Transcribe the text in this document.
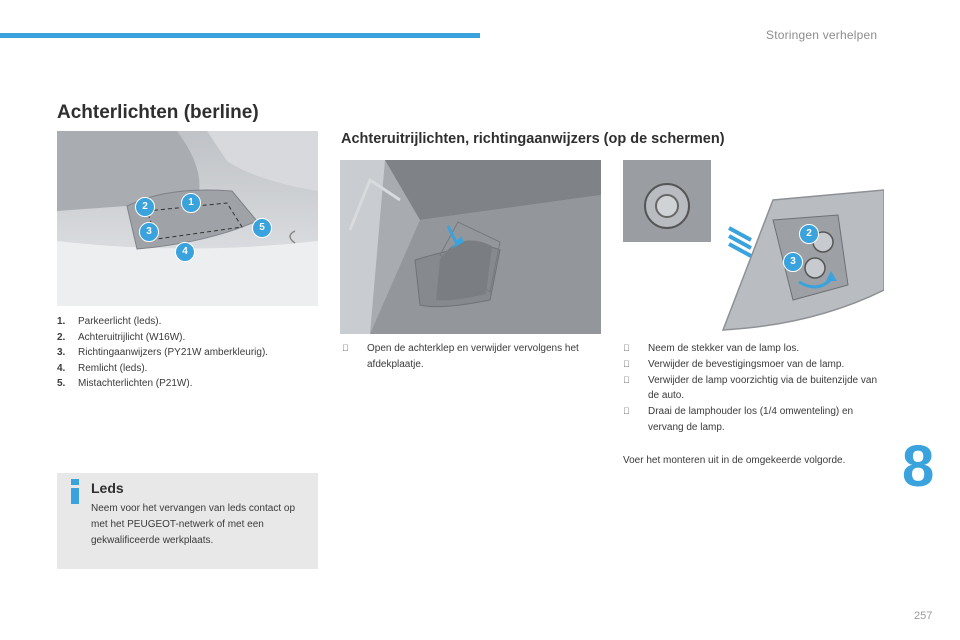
Storingen verhelpen
Achterlichten (berline)
Achteruitrijlichten, richtingaanwijzers (op de schermen)
1
2
3
4
5
2
3
1. Parkeerlicht (leds).
2. Achteruitrijlicht (W16W).
3. Richtingaanwijzers (PY21W amberkleurig).
4. Remlicht (leds).
5. Mistachterlichten (P21W).
Open de achterklep en verwijder vervolgens het afdekplaatje.
Neem de stekker van de lamp los.
Verwijder de bevestigingsmoer van de lamp.
Verwijder de lamp voorzichtig via de buitenzijde van de auto.
Draai de lamphouder los (1/4 omwenteling) en vervang de lamp.

Voer het monteren uit in de omgekeerde volgorde.

Leds

Neem voor het vervangen van leds contact op met het PEUGEOT-netwerk of met een gekwalificeerde werkplaats.

8
257
